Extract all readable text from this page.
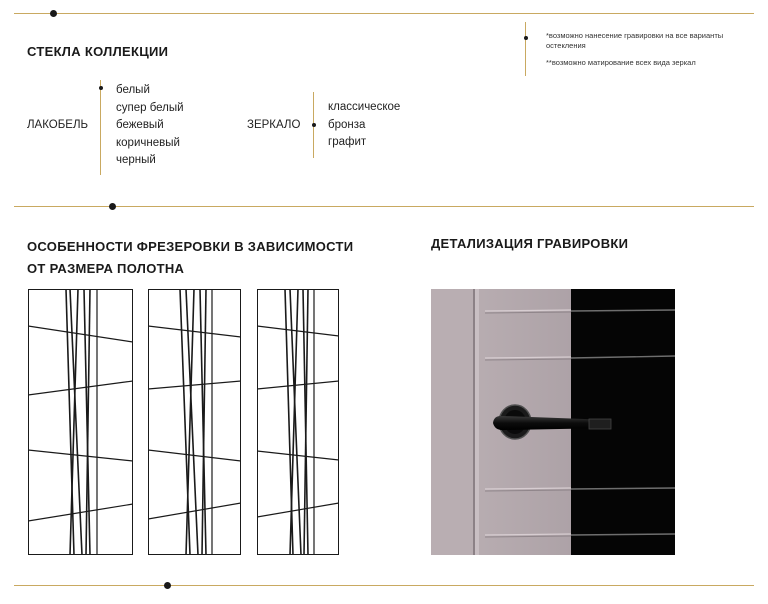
СТЕКЛА КОЛЛЕКЦИИ
*возможно нанесение гравировки на все варианты остекления
**возможно матирование всех вида зеркал
ЛАКОБЕЛЬ
белый
супер белый
бежевый
коричневый
черный
ЗЕРКАЛО
классическое
бронза
графит
ОСОБЕННОСТИ ФРЕЗЕРОВКИ В ЗАВИСИМОСТИ
ОТ РАЗМЕРА ПОЛОТНА
ДЕТАЛИЗАЦИЯ ГРАВИРОВКИ
